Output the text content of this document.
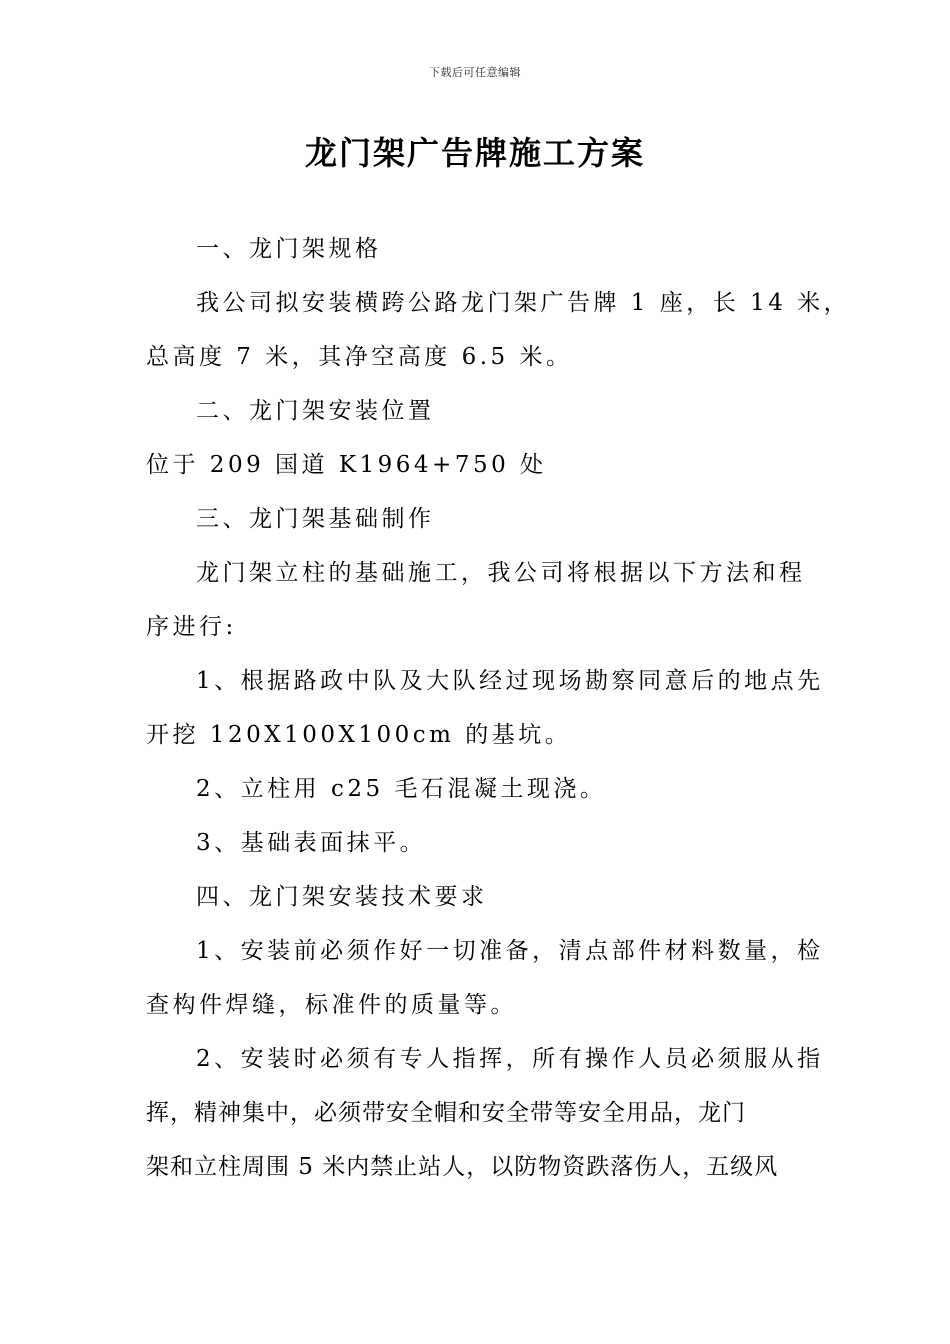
下载后可任意编辑
龙门架广告牌施工方案
一、龙门架规格
我公司拟安装横跨公路龙门架广告牌 1 座，长 14 米，
总高度 7 米，其净空高度 6.5 米。
二、龙门架安装位置
位于 209 国道 K1964+750 处
三、龙门架基础制作
龙门架立柱的基础施工，我公司将根据以下方法和程
序进行:
1、根据路政中队及大队经过现场勘察同意后的地点先
开挖 120X100X100cm 的基坑。
2、立柱用 c25 毛石混凝土现浇。
3、基础表面抹平。
四、龙门架安装技术要求
1、安装前必须作好一切准备，清点部件材料数量，检
查构件焊缝，标准件的质量等。
2、安装时必须有专人指挥，所有操作人员必须服从指
挥，精神集中，必须带安全帽和安全带等安全用品，龙门
架和立柱周围 5 米内禁止站人，以防物资跌落伤人，五级风
